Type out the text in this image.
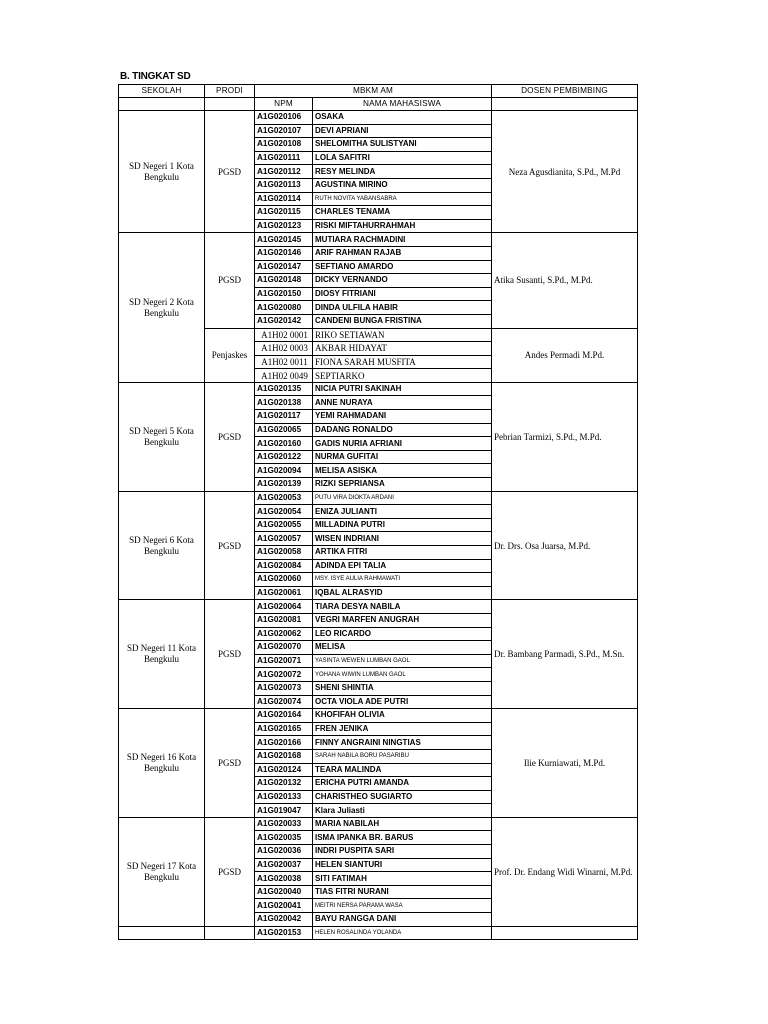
B. TINGKAT SD
SEKOLAH	PRODI	MBKM AM		DOSEN PEMBIMBING
		NPM	NAMA MAHASISWA	
SD Negeri 1 Kota Bengkulu	PGSD	A1G020106	OSAKA	Neza Agusdianita, S.Pd., M.Pd
		A1G020107	DEVI APRIANI	
		A1G020108	SHELOMITHA SULISTYANI	
		A1G020111	LOLA SAFITRI	
		A1G020112	RESY MELINDA	
		A1G020113	AGUSTINA MIRINO	
		A1G020114	RUTH NOVITA YABANSABRA	
		A1G020115	CHARLES TENAMA	
		A1G020123	RISKI MIFTAHURRAHMAH	
SD Negeri 2 Kota Bengkulu	PGSD	A1G020145	MUTIARA RACHMADINI	Atika Susanti, S.Pd., M.Pd.
		A1G020146	ARIF RAHMAN RAJAB	
		A1G020147	SEFTIANO AMARDO	
		A1G020148	DICKY VERNANDO	
		A1G020150	DIOSY FITRIANI	
		A1G020080	DINDA ULFILA HABIR	
		A1G020142	CANDENI BUNGA FRISTINA	
	Penjaskes	A1H02 0001	RIKO SETIAWAN	Andes Permadi M.Pd.
		A1H02 0003	AKBAR HIDAYAT	
		A1H02 0011	FIONA SARAH MUSFITA	
		A1H02 0049	SEPTIARKO	
SD Negeri 5 Kota Bengkulu	PGSD	A1G020135	NICIA PUTRI SAKINAH	Pebrian Tarmizi, S.Pd., M.Pd.
		A1G020138	ANNE NURAYA	
		A1G020117	YEMI RAHMADANI	
		A1G020065	DADANG RONALDO	
		A1G020160	GADIS NURIA AFRIANI	
		A1G020122	NURMA GUFITAI	
		A1G020094	MELISA ASISKA	
		A1G020139	RIZKI SEPRIANSA	
SD Negeri 6 Kota Bengkulu	PGSD	A1G020053	PUTU VIRA DIOKTA ARDANI	Dr. Drs. Osa Juarsa, M.Pd.
		A1G020054	ENIZA JULIANTI	
		A1G020055	MILLADINA PUTRI	
		A1G020057	WISEN INDRIANI	
		A1G020058	ARTIKA FITRI	
		A1G020084	ADINDA EPI TALIA	
		A1G020060	MSY. ISYE AULIA RAHMAWATI	
		A1G020061	IQBAL ALRASYID	
SD Negeri 11 Kota Bengkulu	PGSD	A1G020064	TIARA DESYA NABILA	Dr. Bambang Parmadi, S.Pd., M.Sn.
		A1G020081	VEGRI MARFEN ANUGRAH	
		A1G020062	LEO RICARDO	
		A1G020070	MELISA	
		A1G020071	YASINTA WEWEN LUMBAN GAOL	
		A1G020072	YOHANA WIWIN LUMBAN GAOL	
		A1G020073	SHENI SHINTIA	
		A1G020074	OCTA VIOLA ADE PUTRI	
SD Negeri 16 Kota Bengkulu	PGSD	A1G020164	KHOFIFAH OLIVIA	Ilie Kurniawati, M.Pd.
		A1G020165	FREN JENIKA	
		A1G020166	FINNY ANGRAINI NINGTIAS	
		A1G020168	SARAH NABILA BORU PASARIBU	
		A1G020124	TEARA MALINDA	
		A1G020132	ERICHA PUTRI AMANDA	
		A1G020133	CHARISTHEO SUGIARTO	
		A1G019047	Klara Juliasti	
SD Negeri 17 Kota Bengkulu	PGSD	A1G020033	MARIA NABILAH	Prof. Dr. Endang Widi Winarni, M.Pd.
		A1G020035	ISMA IPANKA BR. BARUS	
		A1G020036	INDRI PUSPITA SARI	
		A1G020037	HELEN SIANTURI	
		A1G020038	SITI FATIMAH	
		A1G020040	TIAS FITRI NURANI	
		A1G020041	MEITRI NERSA PARAMA WASA	
		A1G020042	BAYU RANGGA DANI	
		A1G020153	HELEN ROSALINDA YOLANDA	
